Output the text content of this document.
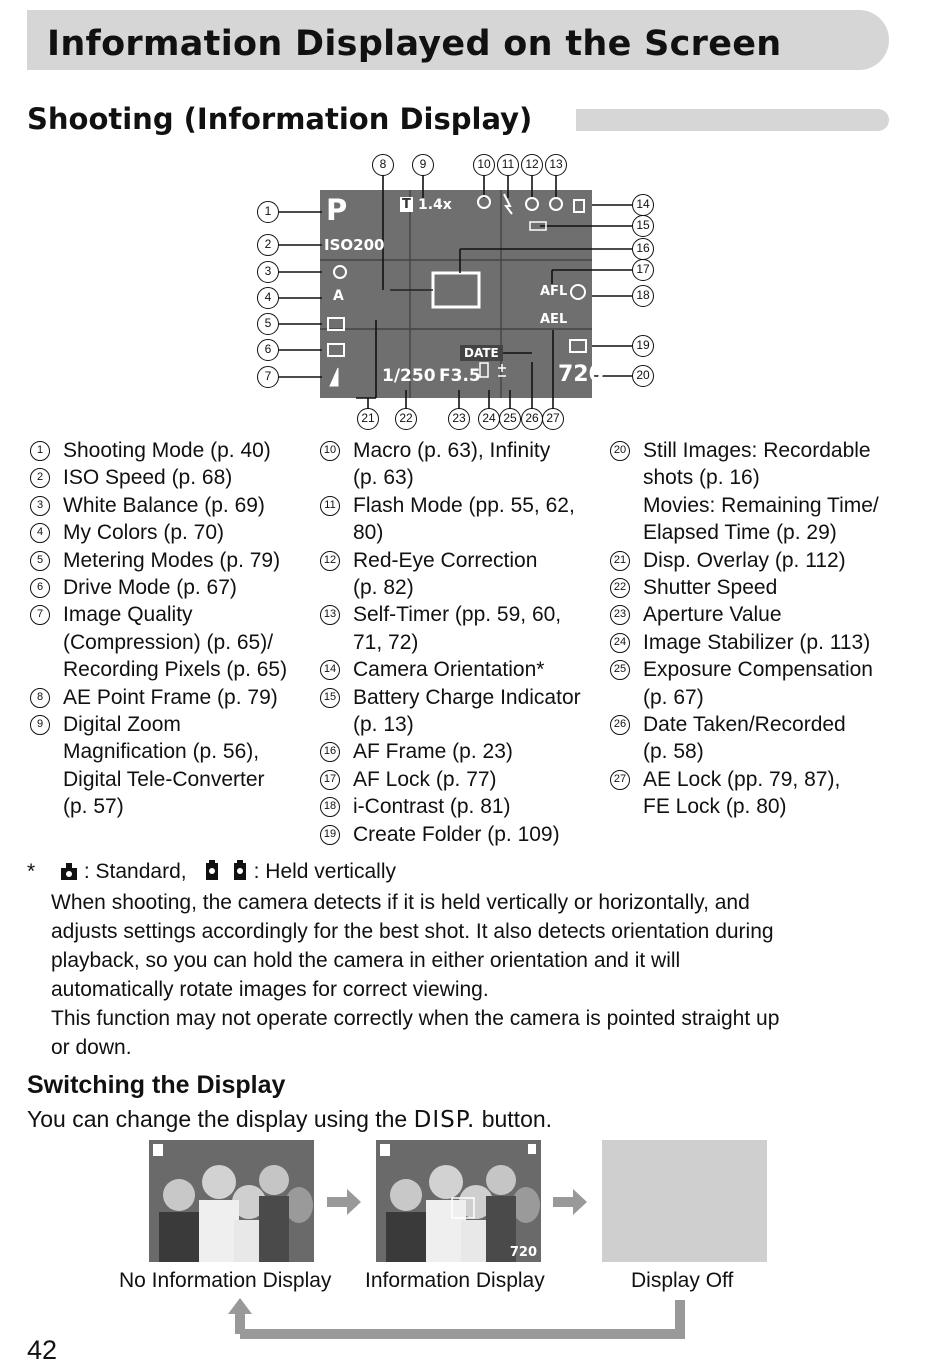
Information Displayed on the Screen
Shooting (Information Display)
P
ISO200
A
T 1.4x
1/250 F3.5
DATE
AFL
AEL
720
1
2
3
4
5
6
7
8	9	10 11 12 13
14
15
16
17
18
19
20
21	22	23	24 25 26 27
1 Shooting Mode (p. 40)
2 ISO Speed (p. 68)
3 White Balance (p. 69)
4 My Colors (p. 70)
5 Metering Modes (p. 79)
6 Drive Mode (p. 67)
7 Image Quality
(Compression) (p. 65)/
Recording Pixels (p. 65)
8 AE Point Frame (p. 79)
9 Digital Zoom
Magnification (p. 56),
Digital Tele-Converter
(p. 57)
10 Macro (p. 63), Infinity
(p. 63)
11 Flash Mode (pp. 55, 62,
80)
12 Red-Eye Correction
(p. 82)
13 Self-Timer (pp. 59, 60,
71, 72)
14 Camera Orientation*
15 Battery Charge Indicator
(p. 13)
16 AF Frame (p. 23)
17 AF Lock (p. 77)
18 i-Contrast (p. 81)
19 Create Folder (p. 109)
20 Still Images: Recordable
shots (p. 16)
Movies: Remaining Time/
Elapsed Time (p. 29)
21 Disp. Overlay (p. 112)
22 Shutter Speed
23 Aperture Value
24 Image Stabilizer (p. 113)
25 Exposure Compensation
(p. 67)
26 Date Taken/Recorded
(p. 58)
27 AE Lock (pp. 79, 87),
FE Lock (p. 80)
*	: Standard,	: Held vertically
When shooting, the camera detects if it is held vertically or horizontally, and
adjusts settings accordingly for the best shot. It also detects orientation during
playback, so you can hold the camera in either orientation and it will
automatically rotate images for correct viewing.
This function may not operate correctly when the camera is pointed straight up
or down.
Switching the Display
You can change the display using the DISP. button.
720
No Information Display Information Display	Display Off
42
